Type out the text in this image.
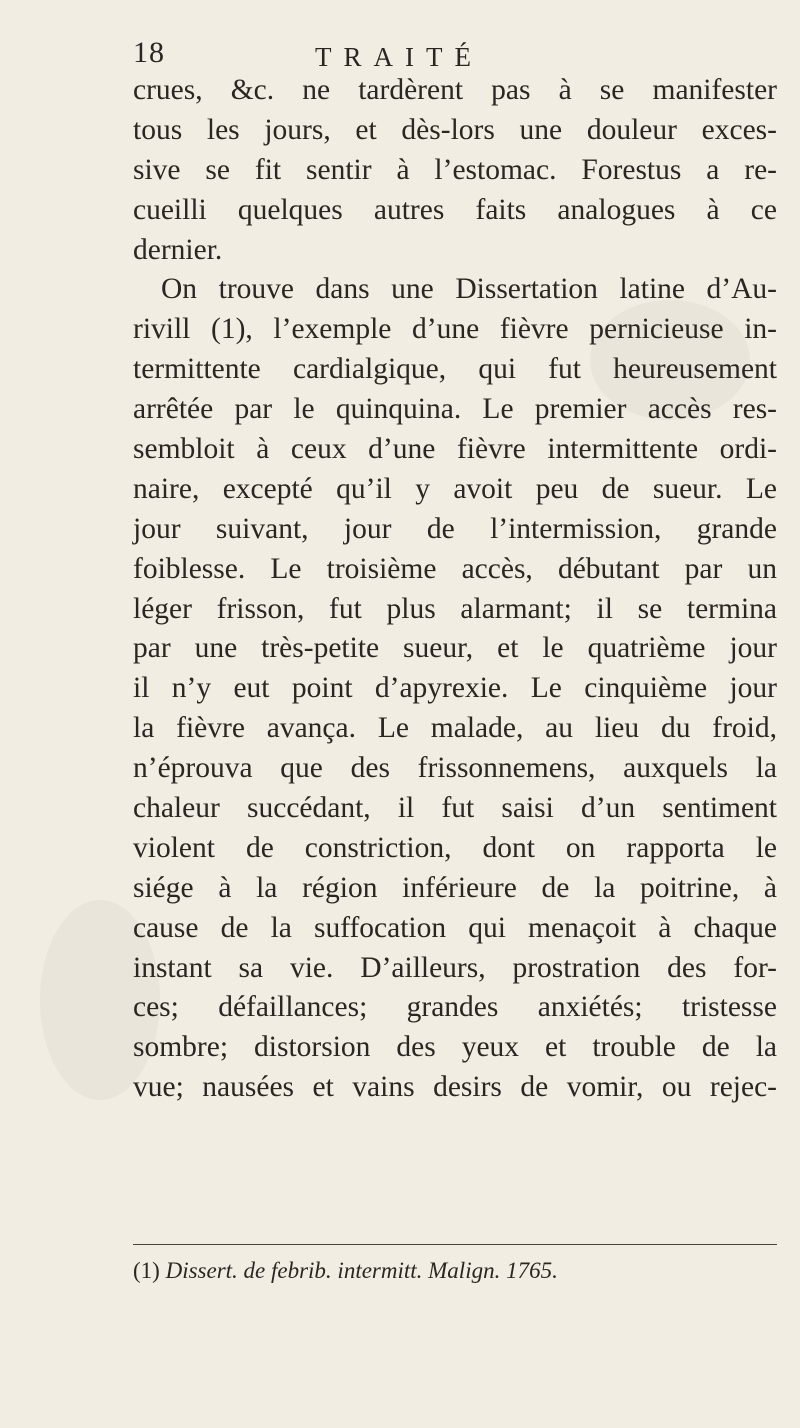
18	TRAITÉ
crues, &c. ne tardèrent pas à se manifester
tous les jours, et dès-lors une douleur exces-
sive se fit sentir à l’estomac. Forestus a re-
cueilli quelques autres faits analogues à ce
dernier.
On trouve dans une Dissertation latine d’Au-
rivill (1), l’exemple d’une fièvre pernicieuse in-
termittente cardialgique, qui fut heureusement
arrêtée par le quinquina. Le premier accès res-
sembloit à ceux d’une fièvre intermittente ordi-
naire, excepté qu’il y avoit peu de sueur. Le
jour suivant, jour de l’intermission, grande
foiblesse. Le troisième accès, débutant par un
léger frisson, fut plus alarmant; il se termina
par une très-petite sueur, et le quatrième jour
il n’y eut point d’apyrexie. Le cinquième jour
la fièvre avança. Le malade, au lieu du froid,
n’éprouva que des frissonnemens, auxquels la
chaleur succédant, il fut saisi d’un sentiment
violent de constriction, dont on rapporta le
siége à la région inférieure de la poitrine, à
cause de la suffocation qui menaçoit à chaque
instant sa vie. D’ailleurs, prostration des for-
ces; défaillances; grandes anxiétés; tristesse
sombre; distorsion des yeux et trouble de la
vue; nausées et vains desirs de vomir, ou rejec-
(1) Dissert. de febrib. intermitt. Malign. 1765.
